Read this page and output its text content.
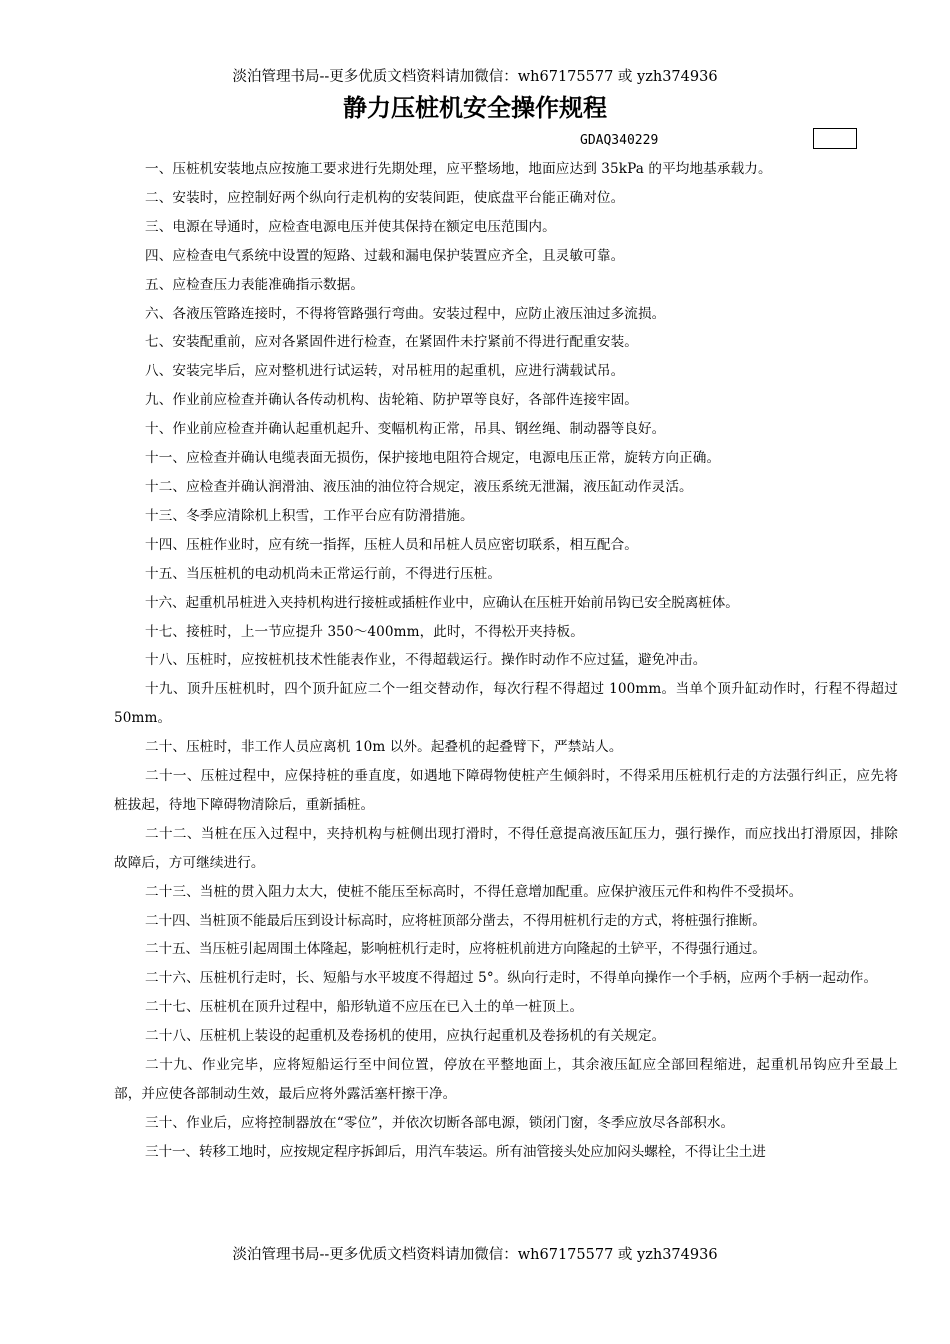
淡泊管理书局--更多优质文档资料请加微信：wh67175577 或 yzh374936
静力压桩机安全操作规程
GDAQ340229

一、压桩机安装地点应按施工要求进行先期处理，应平整场地，地面应达到 35kPa 的平均地基承载力。

二、安装时，应控制好两个纵向行走机构的安装间距，使底盘平台能正确对位。

三、电源在导通时，应检查电源电压并使其保持在额定电压范围内。

四、应检查电气系统中设置的短路、过载和漏电保护装置应齐全，且灵敏可靠。

五、应检查压力表能准确指示数据。

六、各液压管路连接时，不得将管路强行弯曲。安装过程中，应防止液压油过多流损。

七、安装配重前，应对各紧固件进行检查，在紧固件未拧紧前不得进行配重安装。

八、安装完毕后，应对整机进行试运转，对吊桩用的起重机，应进行满载试吊。

九、作业前应检查并确认各传动机构、齿轮箱、防护罩等良好，各部件连接牢固。

十、作业前应检查并确认起重机起升、变幅机构正常，吊具、钢丝绳、制动器等良好。

十一、应检查并确认电缆表面无损伤，保护接地电阻符合规定，电源电压正常，旋转方向正确。

十二、应检查并确认润滑油、液压油的油位符合规定，液压系统无泄漏，液压缸动作灵活。

十三、冬季应清除机上积雪，工作平台应有防滑措施。

十四、压桩作业时，应有统一指挥，压桩人员和吊桩人员应密切联系，相互配合。

十五、当压桩机的电动机尚未正常运行前，不得进行压桩。

十六、起重机吊桩进入夹持机构进行接桩或插桩作业中，应确认在压桩开始前吊钩已安全脱离桩体。

十七、接桩时，上一节应提升 350～400mm，此时，不得松开夹持板。

十八、压桩时，应按桩机技术性能表作业，不得超载运行。操作时动作不应过猛，避免冲击。

十九、顶升压桩机时，四个顶升缸应二个一组交替动作，每次行程不得超过 100mm。当单个顶升缸动作时，行程不得超过 50mm。

二十、压桩时，非工作人员应离机 10m 以外。起叠机的起叠臂下，严禁站人。

二十一、压桩过程中，应保持桩的垂直度，如遇地下障碍物使桩产生倾斜时，不得采用压桩机行走的方法强行纠正，应先将桩拔起，待地下障碍物清除后，重新插桩。

二十二、当桩在压入过程中，夹持机构与桩侧出现打滑时，不得任意提高液压缸压力，强行操作，而应找出打滑原因，排除故障后，方可继续进行。

二十三、当桩的贯入阻力太大，使桩不能压至标高时，不得任意增加配重。应保护液压元件和构件不受损坏。

二十四、当桩顶不能最后压到设计标高时，应将桩顶部分凿去，不得用桩机行走的方式，将桩强行推断。

二十五、当压桩引起周围土体隆起，影响桩机行走时，应将桩机前进方向隆起的土铲平，不得强行通过。

二十六、压桩机行走时，长、短船与水平坡度不得超过 5°。纵向行走时，不得单向操作一个手柄，应两个手柄一起动作。

二十七、压桩机在顶升过程中，船形轨道不应压在已入土的单一桩顶上。

二十八、压桩机上装设的起重机及卷扬机的使用，应执行起重机及卷扬机的有关规定。

二十九、作业完毕，应将短船运行至中间位置，停放在平整地面上，其余液压缸应全部回程缩进，起重机吊钩应升至最上部，并应使各部制动生效，最后应将外露活塞杆擦干净。

三十、作业后，应将控制器放在“零位”，并依次切断各部电源，锁闭门窗，冬季应放尽各部积水。

三十一、转移工地时，应按规定程序拆卸后，用汽车装运。所有油管接头处应加闷头螺栓，不得让尘土进

淡泊管理书局--更多优质文档资料请加微信：wh67175577 或 yzh374936
